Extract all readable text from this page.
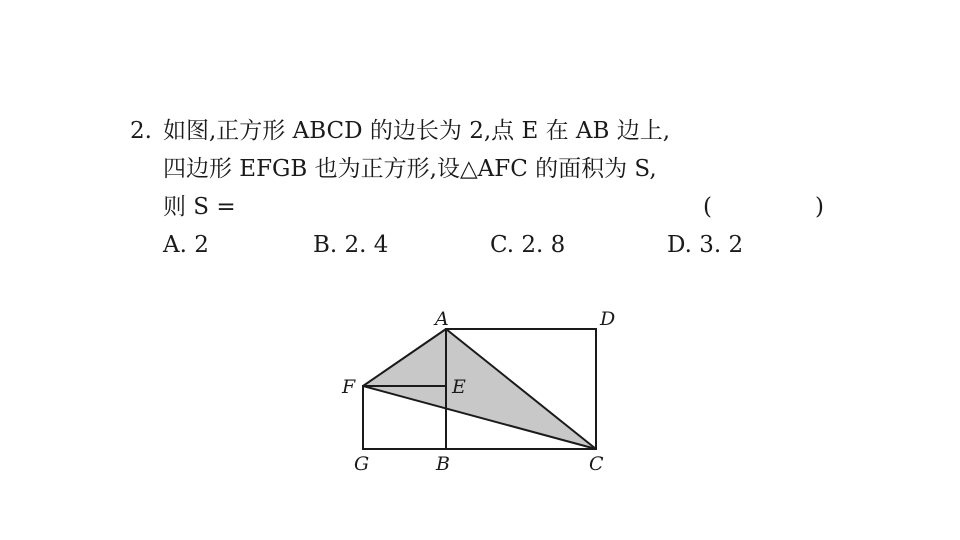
2. 如图,正方形 ABCD 的边长为 2,点 E 在 AB 边上,
四边形 EFGB 也为正方形,设△AFC 的面积为 S,
则 S =	(	)
A. 2	B. 2. 4	C. 2. 8	D. 3. 2
A	D
F	E
G	B	C
